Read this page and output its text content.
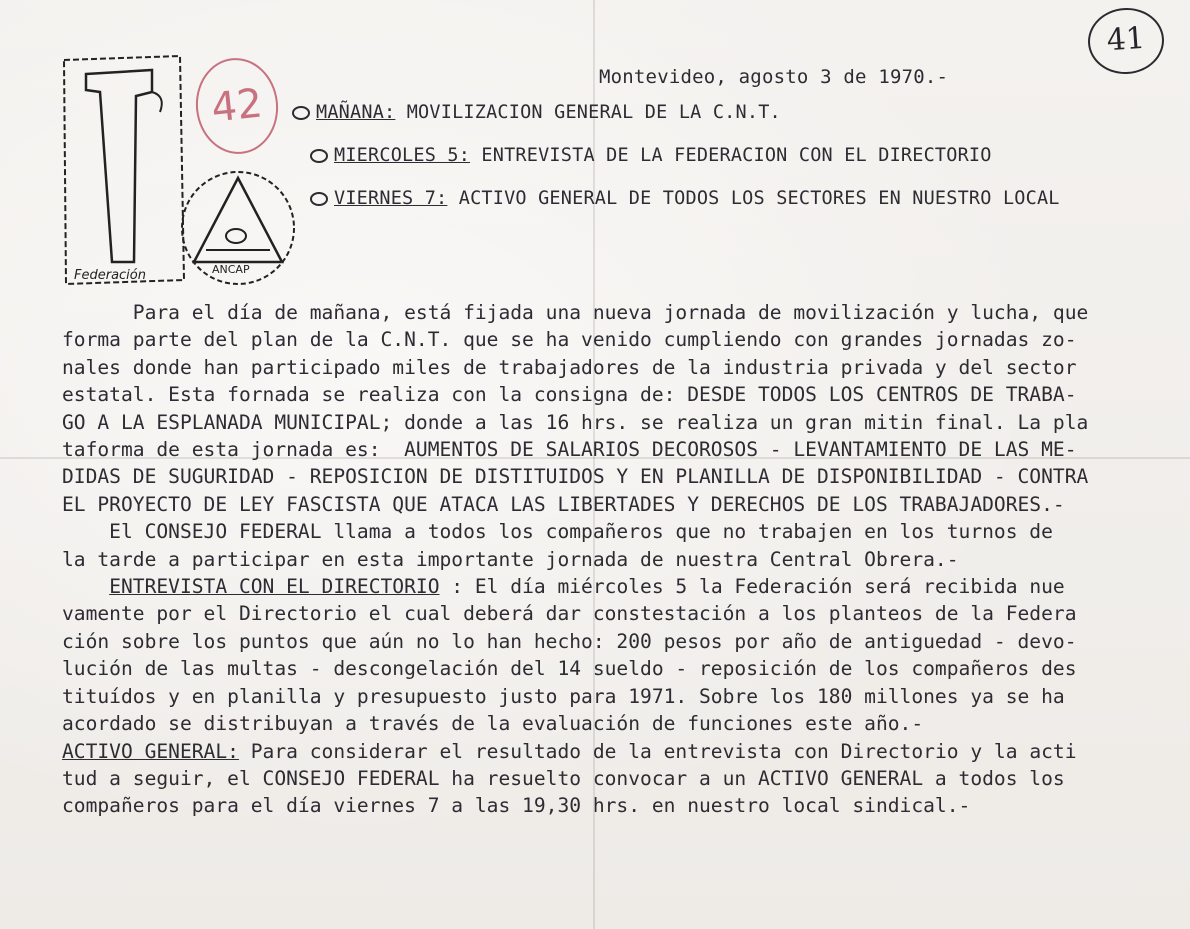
41
Federación	ANCAP
42
Montevideo, agosto 3 de 1970.-
MAÑANA: MOVILIZACION GENERAL DE LA C.N.T.
MIERCOLES 5: ENTREVISTA DE LA FEDERACION CON EL DIRECTORIO
VIERNES 7: ACTIVO GENERAL DE TODOS LOS SECTORES EN NUESTRO LOCAL
Para el día de mañana, está fijada una nueva jornada de movilización y lucha, que
forma parte del plan de la C.N.T. que se ha venido cumpliendo con grandes jornadas zo-
nales donde han participado miles de trabajadores de la industria privada y del sector
estatal. Esta fornada se realiza con la consigna de: DESDE TODOS LOS CENTROS DE TRABA-
GO A LA ESPLANADA MUNICIPAL; donde a las 16 hrs. se realiza un gran mitin final. La pla
taforma de esta jornada es:  AUMENTOS DE SALARIOS DECOROSOS - LEVANTAMIENTO DE LAS ME-
DIDAS DE SUGURIDAD - REPOSICION DE DISTITUIDOS Y EN PLANILLA DE DISPONIBILIDAD - CONTRA
EL PROYECTO DE LEY FASCISTA QUE ATACA LAS LIBERTADES Y DERECHOS DE LOS TRABAJADORES.-
El CONSEJO FEDERAL llama a todos los compañeros que no trabajen en los turnos de
la tarde a participar en esta importante jornada de nuestra Central Obrera.-
ENTREVISTA CON EL DIRECTORIO : El día miércoles 5 la Federación será recibida nue
vamente por el Directorio el cual deberá dar constestación a los planteos de la Federa
ción sobre los puntos que aún no lo han hecho: 200 pesos por año de antiguedad - devo-
lución de las multas - descongelación del 14 sueldo - reposición de los compañeros des
tituídos y en planilla y presupuesto justo para 1971. Sobre los 180 millones ya se ha
acordado se distribuyan a través de la evaluación de funciones este año.-
ACTIVO GENERAL: Para considerar el resultado de la entrevista con Directorio y la acti
tud a seguir, el CONSEJO FEDERAL ha resuelto convocar a un ACTIVO GENERAL a todos los
compañeros para el día viernes 7 a las 19,30 hrs. en nuestro local sindical.-
